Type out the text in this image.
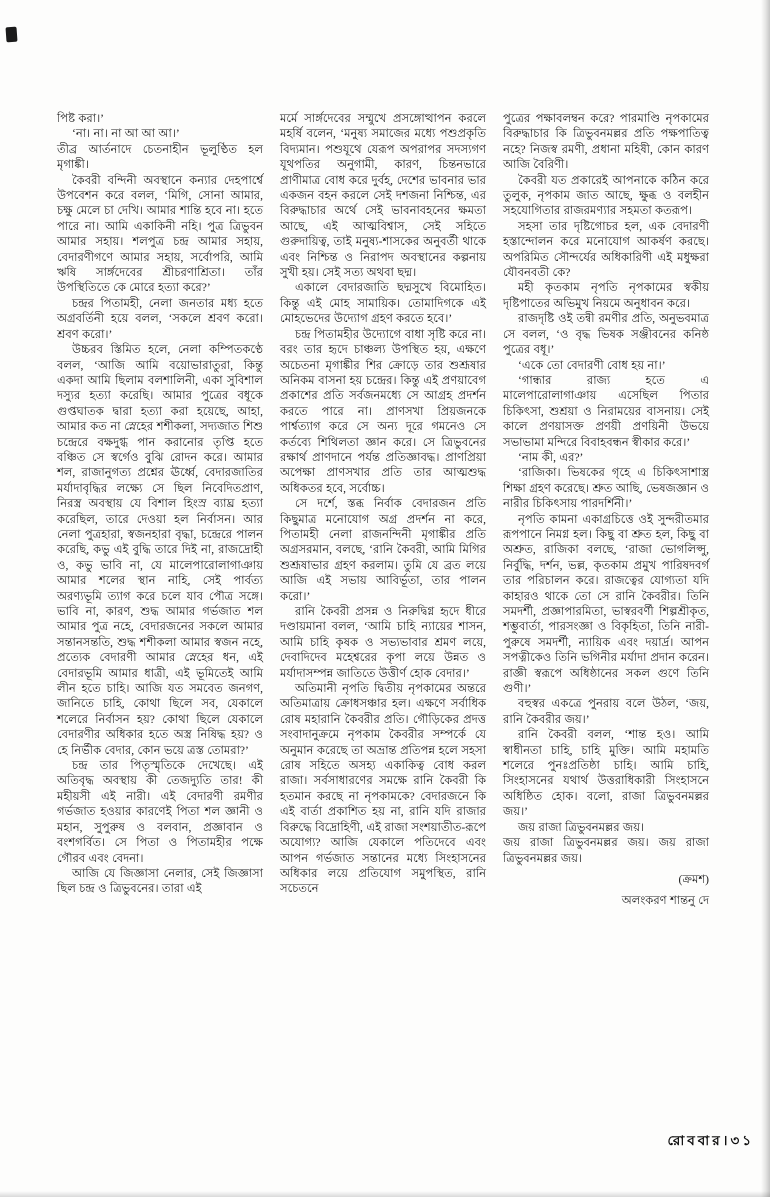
পিষ্ট করা।’

‘না। না। না আ আ আ।’

তীব্র আর্তনাদে চেতনাহীন ভূলুণ্ঠিত হল মৃগাঙ্কী।

কৈবরী বন্দিনী অবস্থানে কন্যার দেহপার্শ্বে উপবেশন করে বলল, ‘মিগি, সোনা আমার, চক্ষু মেলে চা দেখি। আমার শান্তি হবে না। হতে পারে না। আমি একাকিনী নহি। পুত্র ত্রিভুবন আমার সহায়। শলপুত্র চন্দ্র আমার সহায়, বেদারণীগণে আমার সহায়, সর্বোপরি, আমি ঋষি সার্ঙ্গদেবের শ্রীচরণাশ্রিতা। তাঁর উপস্থিতিতে কে মোরে হত্যা করে?’

চন্দ্রর পিতামহী, নেলা জনতার মধ্য হতে অগ্রবর্তিনী হয়ে বলল, ‘সকলে শ্রবণ করো। শ্রবণ করো।’

উচ্চরব স্তিমিত হলে, নেলা কম্পিতকণ্ঠে বলল, ‘আজি আমি বয়োভারাতুরা, কিন্তু একদা আমি ছিলাম বলশালিনী, একা সুবিশাল দস্যুর হত্যা করেছি। আমার পুত্রের বধূকে গুপ্তঘাতক দ্বারা হত্যা করা হয়েছে, আহা, আমার কত না স্নেহের শশীকলা, সদ্যজাত শিশু চন্দ্রেরে বক্ষদুগ্ধ পান করানোর তৃপ্তি হতে বঞ্চিত সে স্বর্গেও বুঝি রোদন করে। আমার শল, রাজানুগত্য প্রশ্নের ঊর্ধ্বে, বেদারজাতির মর্যাদাবৃদ্ধির লক্ষ্যে সে ছিল নিবেদিতপ্রাণ, নিরস্ত্র অবস্থায় যে বিশাল হিংস্র ব্যাঘ্র হত্যা করেছিল, তারে দেওয়া হল নির্বাসন। আর নেলা পুত্রহারা, স্বজনহারা বৃদ্ধা, চন্দ্রেরে পালন করেছি, কভু এই বুদ্ধি তারে দিই না, রাজদ্রোহী ও, কভু ভাবি না, যে মালেপারোলাগাঞায় আমার শলের স্থান নাহি, সেই পার্বত্য অরণ্যভূমি ত্যাগ করে চলে যাব পৌত্র সঙ্গে। ভাবি না, কারণ, শুদ্ধ আমার গর্ভজাত শল আমার পুত্র নহে, বেদারজনের সকলে আমার সন্তানসন্ততি, শুদ্ধ শশীকলা আমার স্বজন নহে, প্রত্যেক বেদারণী আমার স্নেহের ধন, এই বেদারভূমি আমার ধাত্রী, এই ভূমিতেই আমি লীন হতে চাহি। আজি যত সমবেত জনগণ, জানিতে চাহি, কোথা ছিলে সব, যেকালে শলেরে নির্বাসন হয়? কোথা ছিলে যেকালে বেদারণীর অধিকার হতে অস্ত্র নিষিদ্ধ হয়? ও হে নির্ভীক বেদার, কোন ভয়ে ত্রস্ত তোমরা?’

চন্দ্র তার পিতৃস্মৃতিকে দেখেছে। এই অতিবৃদ্ধ অবস্থায় কী তেজদ্যুতি তার! কী মহীয়সী এই নারী। এই বেদারণী রমণীর গর্ভজাত হওয়ার কারণেই পিতা শল জ্ঞানী ও মহান, সুপুরুষ ও বলবান, প্রজ্ঞাবান ও বংশগর্বিত। সে পিতা ও পিতামহীর পক্ষে গৌরব এবং বেদনা।

আজি যে জিজ্ঞাসা নেলার, সেই জিজ্ঞাসা ছিল চন্দ্র ও ত্রিভুবনের। তারা এই

মর্মে সার্ঙ্গদেবের সম্মুখে প্রসঙ্গোত্থাপন করলে মহর্ষি বলেন, ‘মনুষ্য সমাজের মধ্যে পশুপ্রকৃতি বিদ্যমান। পশুযূথে যেরূপ অপরাপর সদস্যগণ যূথপতির অনুগামী, কারণ, চিন্তনভারে প্রাণীমাত্র বোধ করে দুর্বহ, দেশের ভাবনার ভার একজন বহন করলে সেই দশজনা নিশ্চিন্ত, এর বিরুদ্ধাচার অর্থে সেই ভাবনাবহনের ক্ষমতা আছে, এই আত্মবিশ্বাস, সেই সহিতে গুরুদায়িত্ব, তাই মনুষ্য-শাসকের অনুবর্তী থাকে এবং নিশ্চিন্ত ও নিরাপদ অবস্থানের কল্পনায় সুখী হয়। সেই সত্য অথবা ছদ্ম।

একালে বেদারজাতি ছদ্মসুখে বিমোহিত। কিন্তু এই মোহ সামায়িক। তোমাদিগকে এই মোহভেদের উদ্যোগ গ্রহণ করতে হবে।’

চন্দ্র পিতামহীর উদ্যোগে বাধা সৃষ্টি করে না। বরং তার হৃদে চাঞ্চল্য উপস্থিত হয়, এক্ষণে অচেতনা মৃগাঙ্কীর শির ক্রোড়ে তার শুশ্রূষার অনিকম বাসনা হয় চন্দ্রের। কিন্তু এই প্রণয়াবেগ প্রকাশের প্রতি সর্বজনমধ্যে সে আগ্রহ প্রদর্শন করতে পারে না। প্রাণসখা প্রিয়জনকে পার্শ্বত্যাগ করে সে অন্য দূরে গমনেও সে কর্তব্যে শিথিলতা জ্ঞান করে। সে ত্রিভুবনের রক্ষার্থ প্রাণদানে পর্যন্ত প্রতিজ্ঞাবদ্ধ। প্রাণপ্রিয়া অপেক্ষা প্রাণসখার প্রতি তার আত্মশুদ্ধ অধিকতর হবে, সর্বোচ্চ।

সে দর্শে, স্তব্ধ নির্বাক বেদারজন প্রতি কিছুমাত্র মনোযোগ অগ্র প্রদর্শন না করে, পিতামহী নেলা রাজনন্দিনী মৃগাঙ্কীর প্রতি অগ্রসরমান, বলছে, ‘রানি কৈবরী, আমি মিগির শুশ্রূষাভার গ্রহণ করলাম। তুমি যে ব্রত লয়ে আজি এই সভায় আবির্ভূতা, তার পালন করো।’

রানি কৈবরী প্রসন্ন ও নিরুদ্বিগ্ন হৃদে ধীরে দণ্ডায়মানা বলল, ‘আমি চাহি ন্যায়ের শাসন, আমি চাহি কৃষক ও সভ্যভাবার শ্রমণ লয়ে, দেবাদিদেব মহেশ্বরের কৃপা লয়ে উন্নত ও মর্যাদাসম্পন্ন জাতিতে উত্তীর্ণ হোক বেদার।’

অতিমানী নৃপতি দ্বিতীয় নৃপকামের অন্তরে অতিমাত্রায় ক্রোধসঞ্চার হল। এক্ষণে সর্বাধিক রোষ মহারানি কৈবরীর প্রতি। গৌড়িকের প্রদত্ত সংবাদানুক্রমে নৃপকাম কৈবরীর সম্পর্কে যে অনুমান করেছে তা অভ্রান্ত প্রতিপন্ন হলে সহসা রোষ সহিতে অসহ্য একাকিত্ব বোধ করল রাজা। সর্বসাধারণের সমক্ষে রানি কৈবরী কি হতমান করছে না নৃপকামকে? বেদারজনে কি এই বার্তা প্রকাশিত হয় না, রানি যদি রাজার বিরুদ্ধে বিদ্রোহিণী, এই রাজা সংশয়াতীত-রূপে অযোগ্য? আজি যেকালে পতিদেবে এবং আপন গর্ভজাত সন্তানের মধ্যে সিংহাসনের অধিকার লয়ে প্রতিযোগ সমুপস্থিত, রানি সচেতনে

পুত্রের পক্ষাবলম্বন করে? পারমাণ্ডি নৃপকামের বিরুদ্ধাচার কি ত্রিভুবনমল্লর প্রতি পক্ষপাতিত্ব নহে? নিজস্ব রমণী, প্রধানা মহিষী, কোন কারণ আজি বৈরিণী।

কৈবরী যত প্রকারেই আপনাকে কঠিন করে তুলুক, নৃপকাম জাত আছে, ক্ষুব্ধ ও বলহীন সহযোগিতার রাজরমণ্যার সহমতা কতরূপ।

সহসা তার দৃষ্টিগোচর হল, এক বেদারণী হস্তান্দোলন করে মনোযোগ আকর্ষণ করছে। অপরিমিত সৌন্দর্যের অধিকারিণী এই মধুক্ষরা যৌবনবতী কে?

মহী কৃতকাম নৃপতি নৃপকামের স্বকীয় দৃষ্টিপাতের অভিমুখ নিয়মে অনুধাবন করে।

রাজদৃষ্টি ওই তন্বী রমণীর প্রতি, অনুভবমাত্র সে বলল, ‘ও বৃদ্ধ ভিষক সঞ্জীবনের কনিষ্ঠ পুত্রের বধূ।’

‘একে তো বেদারণী বোধ হয় না।’

‘গান্ধার রাজ্য হতে এ মালেপারোলাগাঞায় এসেছিল পিতার চিকিৎসা, শুশ্রয়া ও নিরাময়ের বাসনায়। সেই কালে প্রণয়াসক্ত প্রণয়ী প্রণয়িনী উভয়ে সভাভামা মন্দিরে বিবাহবন্ধন স্বীকার করে।’

‘নাম কী, এর?’

‘রাজিকা। ভিষকের গৃহে এ চিকিৎসাশাস্ত্র শিক্ষা গ্রহণ করেছে। শ্রুত আছি, ভেষজজ্ঞান ও নারীর চিকিৎসায় পারদর্শিনী।’

নৃপতি কামনা একাগ্রচিত্তে ওই সুন্দরীতমার রূপপানে নিমগ্ন হল। কিছু বা শ্রুত হল, কিছু বা অশ্রুত, রাজিকা বলছে, ‘রাজা ভোগলিপ্সু, নির্বুদ্ধি, দর্শন, ভল্ল, কৃতকাম প্রমুখ পারিষদবর্গ তার পরিচালন করে। রাজত্বের যোগ্যতা যদি কাহারও থাকে তো সে রানি কৈবরীর। তিনি সমদর্শী, প্রজ্ঞাপারমিতা, ভাস্বরবর্ণী শিল্পশ্রীকৃত, শম্ভুবার্তা, পারসংজ্ঞা ও বিকৃহিতা, তিনি নারী-পুরুষে সমদর্শী, ন্যায়িক এবং দয়ার্দ্র। আপন সপত্নীকেও তিনি ভগিনীর মর্যাদা প্রদান করেন। রাজ্ঞী স্বরূপে অধিষ্ঠানের সকল গুণে তিনি গুণী।’

বহুস্বর একত্রে পুনরায় বলে উঠল, ‘জয়, রানি কৈবরীর জয়।’

রানি কৈবরী বলল, ‘শান্ত হও। আমি স্বাধীনতা চাহি, চাহি মুক্তি। আমি মহামতি শলেরে পুনঃপ্রতিষ্ঠা চাহি। আমি চাহি, সিংহাসনের যথার্থ উত্তরাধিকারী সিংহাসনে অধিষ্ঠিত হোক। বলো, রাজা ত্রিভুবনমল্লর জয়।’

জয় রাজা ত্রিভুবনমল্লর জয়।

জয় রাজা ত্রিভুবনমল্লর জয়। জয় রাজা ত্রিভুবনমল্লর জয়।

(ক্রমশ)

অলংকরণ শান্তনু দে

রোববার।৩১
